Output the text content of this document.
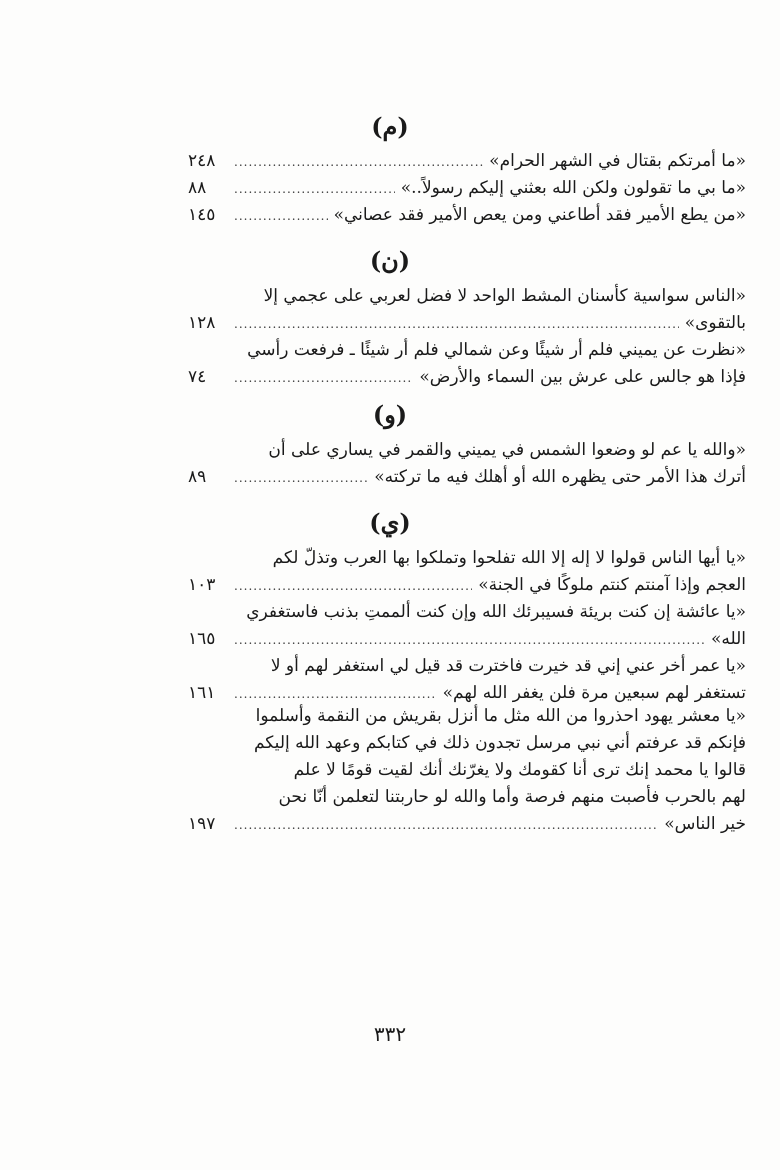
(م)
«ما أمرتكم بقتال في الشهر الحرام»
.....
٢٤٨
«ما بي ما تقولون ولكن الله بعثني إليكم رسولاً..»
.....
٨٨
«من يطع الأمير فقد أطاعني ومن يعص الأمير فقد عصاني»
.....
١٤٥
(ن)
«الناس سواسية كأسنان المشط الواحد لا فضل لعربي على عجمي إلا
بالتقوى»
.....
١٢٨
«نظرت عن يميني فلم أر شيئًا وعن شمالي فلم أر شيئًا ـ فرفعت رأسي
فإذا هو جالس على عرش بين السماء والأرض»
.....
٧٤
(و)
«والله يا عم لو وضعوا الشمس في يميني والقمر في يساري على أن
أترك هذا الأمر حتى يظهره الله أو أهلك فيه ما تركته»
.....
٨٩
(ي)
«يا أيها الناس قولوا لا إله إلا الله تفلحوا وتملكوا بها العرب وتذلّ لكم
العجم وإذا آمنتم كنتم ملوكًا في الجنة»
.....
١٠٣
«يا عائشة إن كنت بريئة فسيبرئك الله وإن كنت ألممتِ بذنب فاستغفري
الله»
.....
١٦٥
«يا عمر أخر عني إني قد خيرت فاخترت قد قيل لي استغفر لهم أو لا
تستغفر لهم سبعين مرة فلن يغفر الله لهم»
.....
١٦١
«يا معشر يهود احذروا من الله مثل ما أنزل بقريش من النقمة وأسلموا
فإنكم قد عرفتم أني نبي مرسل تجدون ذلك في كتابكم وعهد الله إليكم
قالوا يا محمد إنك ترى أنا كقومك ولا يغرّنك أنك لقيت قومًا لا علم
لهم بالحرب فأصبت منهم فرصة وأما والله لو حاربتنا لتعلمن أنّا نحن
خير الناس»
.....
١٩٧
٣٣٢
